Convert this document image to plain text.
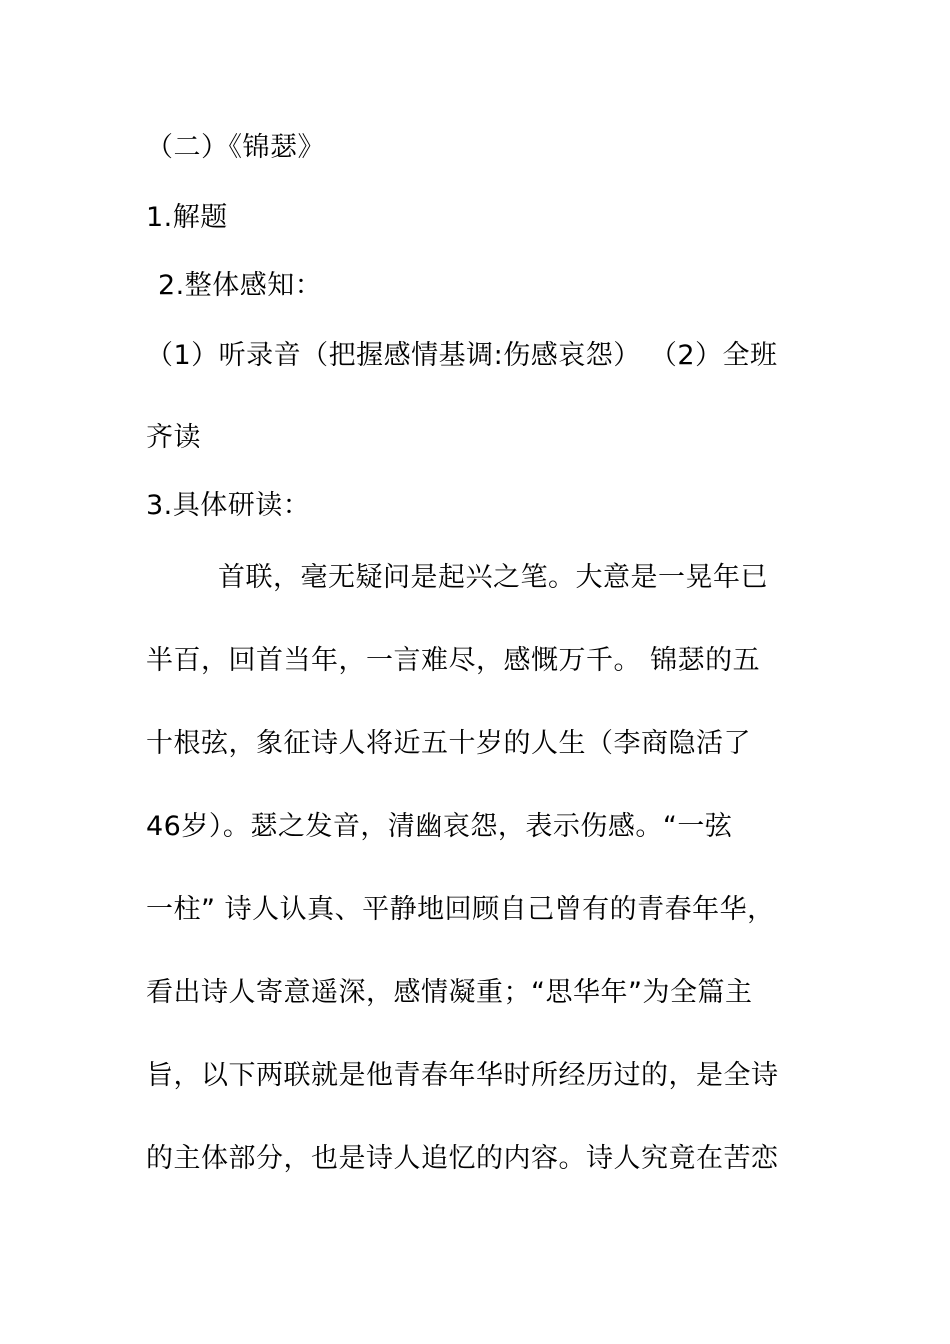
（二）《锦瑟》
1.解题
2.整体感知：
（1）听录音（把握感情基调:伤感哀怨） （2）全班
齐读
3.具体研读：
首联，毫无疑问是起兴之笔。大意是一晃年已
半百，回首当年，一言难尽，感慨万千。 锦瑟的五
十根弦，象征诗人将近五十岁的人生（李商隐活了
46岁）。瑟之发音，清幽哀怨，表示伤感。“一弦
一柱” 诗人认真、平静地回顾自己曾有的青春年华，
看出诗人寄意遥深，感情凝重；“思华年”为全篇主
旨，以下两联就是他青春年华时所经历过的，是全诗
的主体部分，也是诗人追忆的内容。诗人究竟在苦恋
